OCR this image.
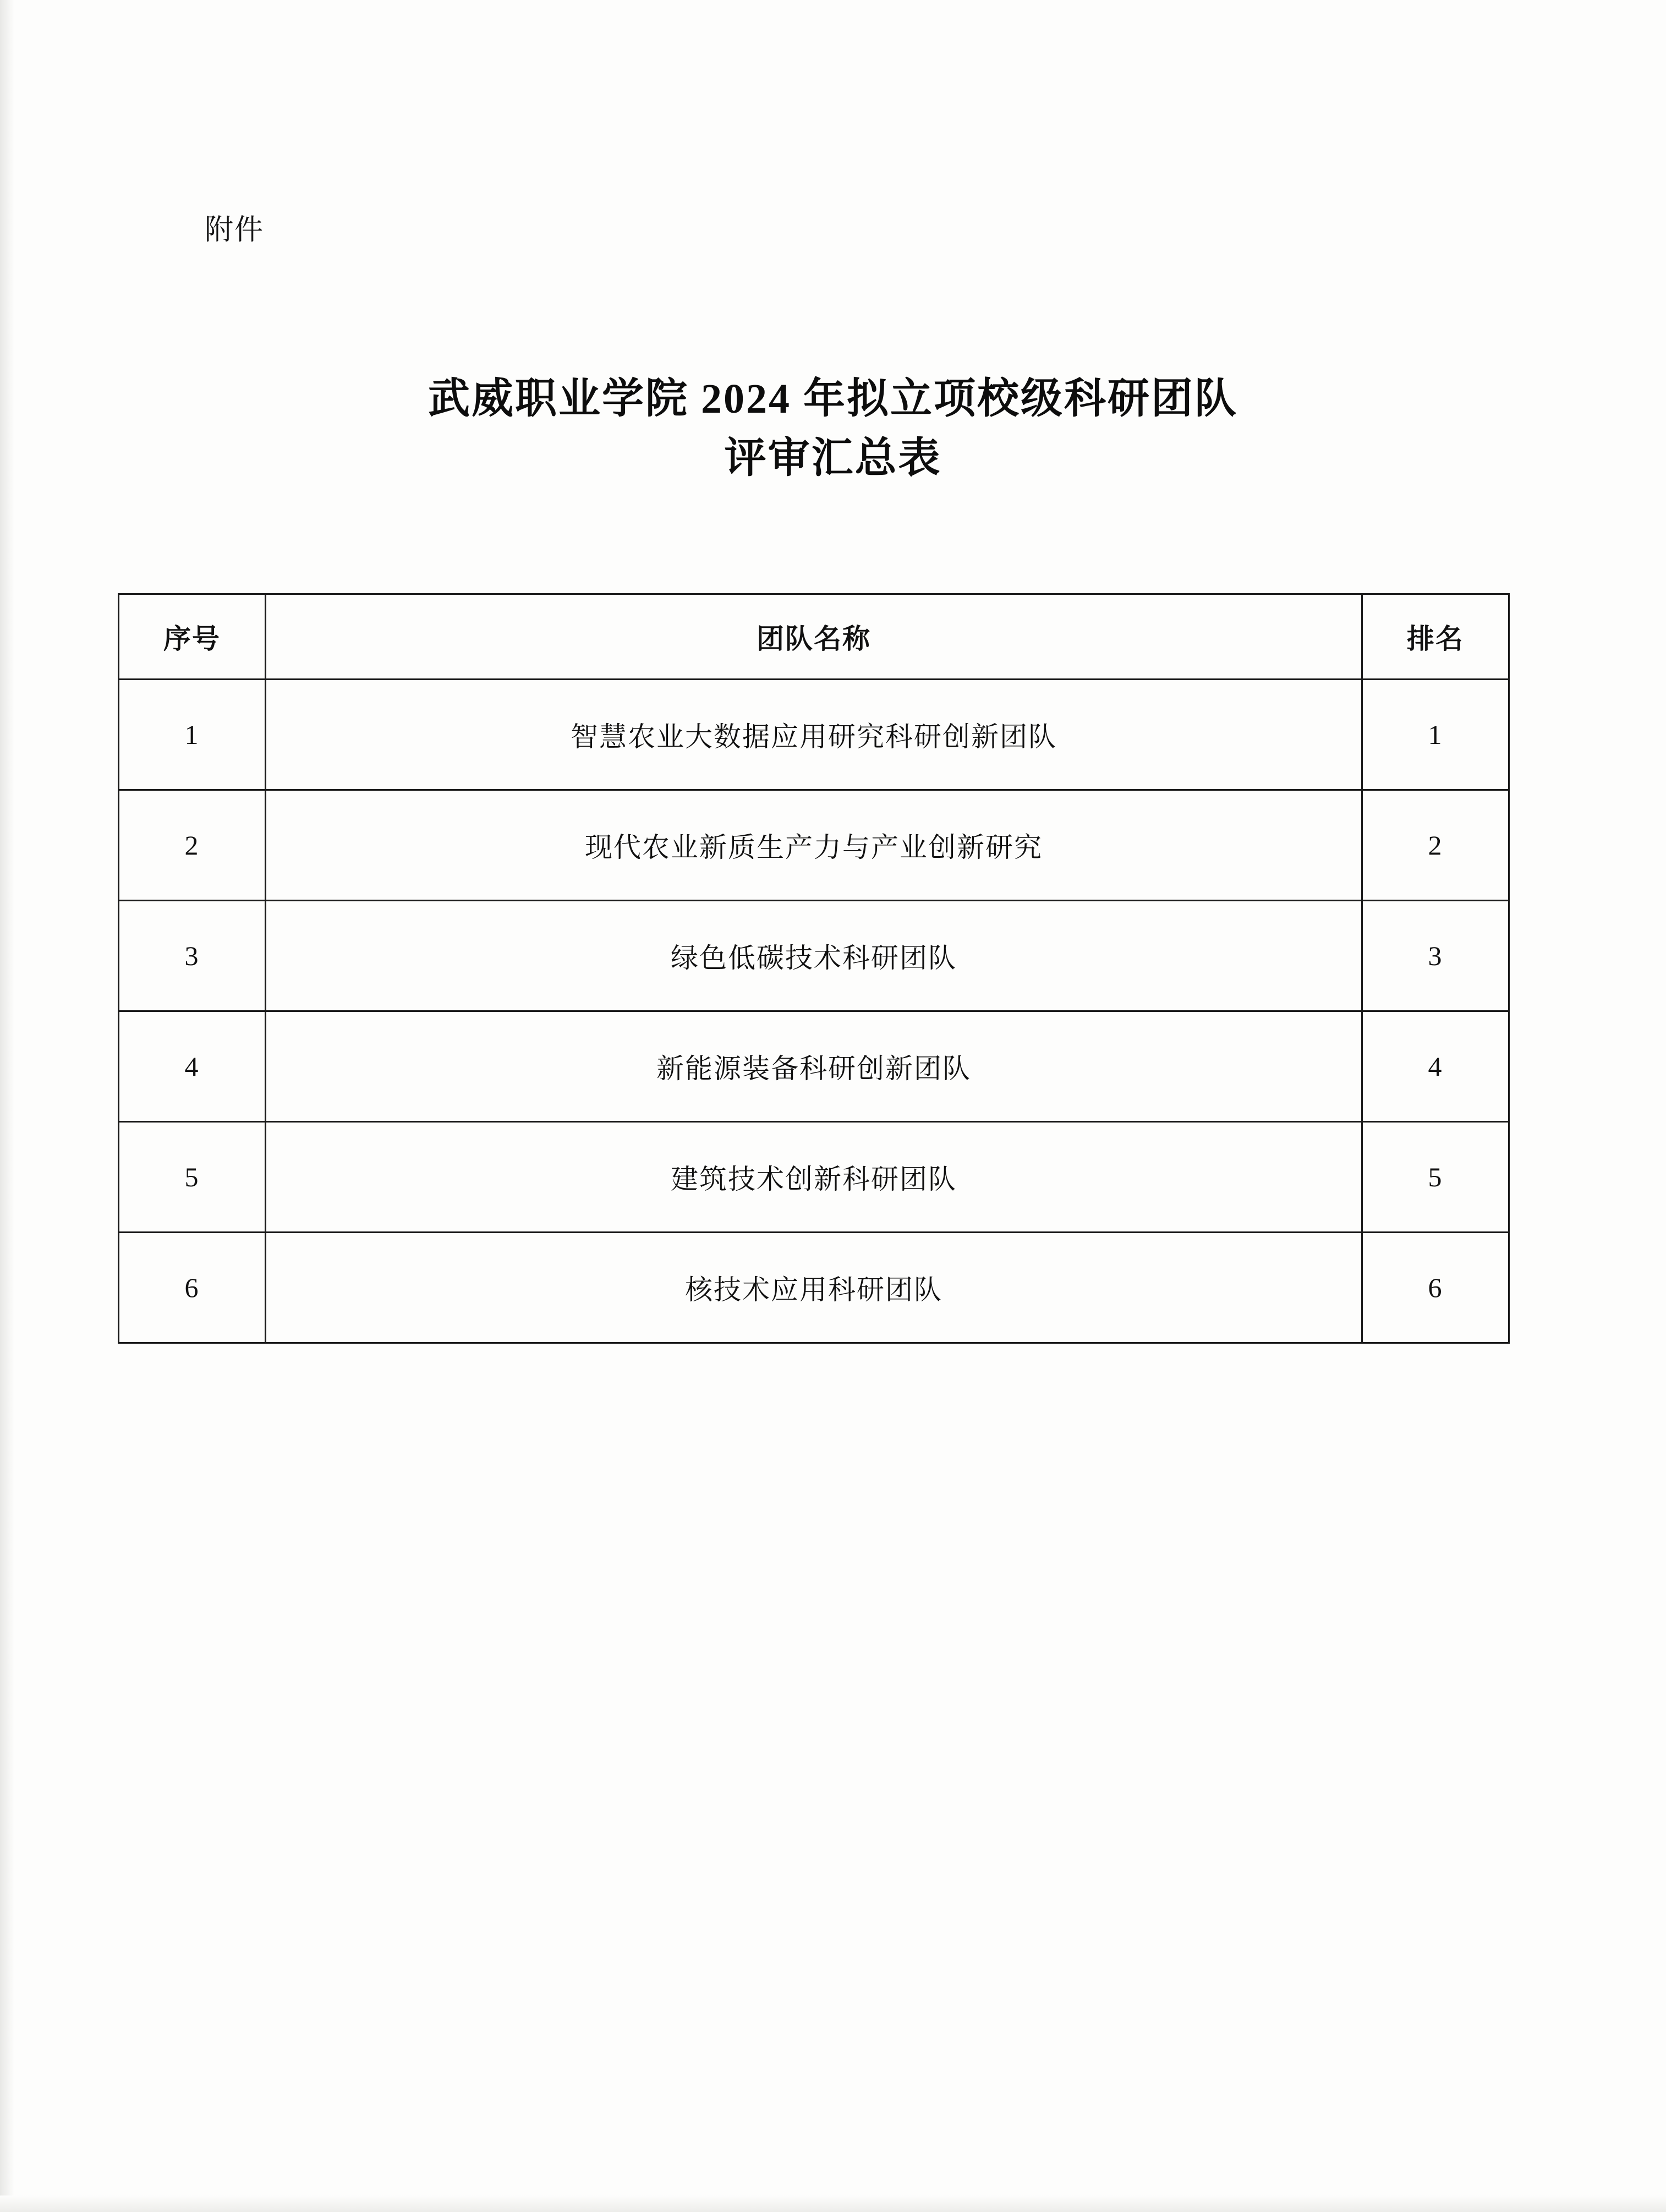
附件
武威职业学院 2024 年拟立项校级科研团队
评审汇总表
序号	团队名称	排名
1	智慧农业大数据应用研究科研创新团队	1
2	现代农业新质生产力与产业创新研究	2
3	绿色低碳技术科研团队	3
4	新能源装备科研创新团队	4
5	建筑技术创新科研团队	5
6	核技术应用科研团队	6
